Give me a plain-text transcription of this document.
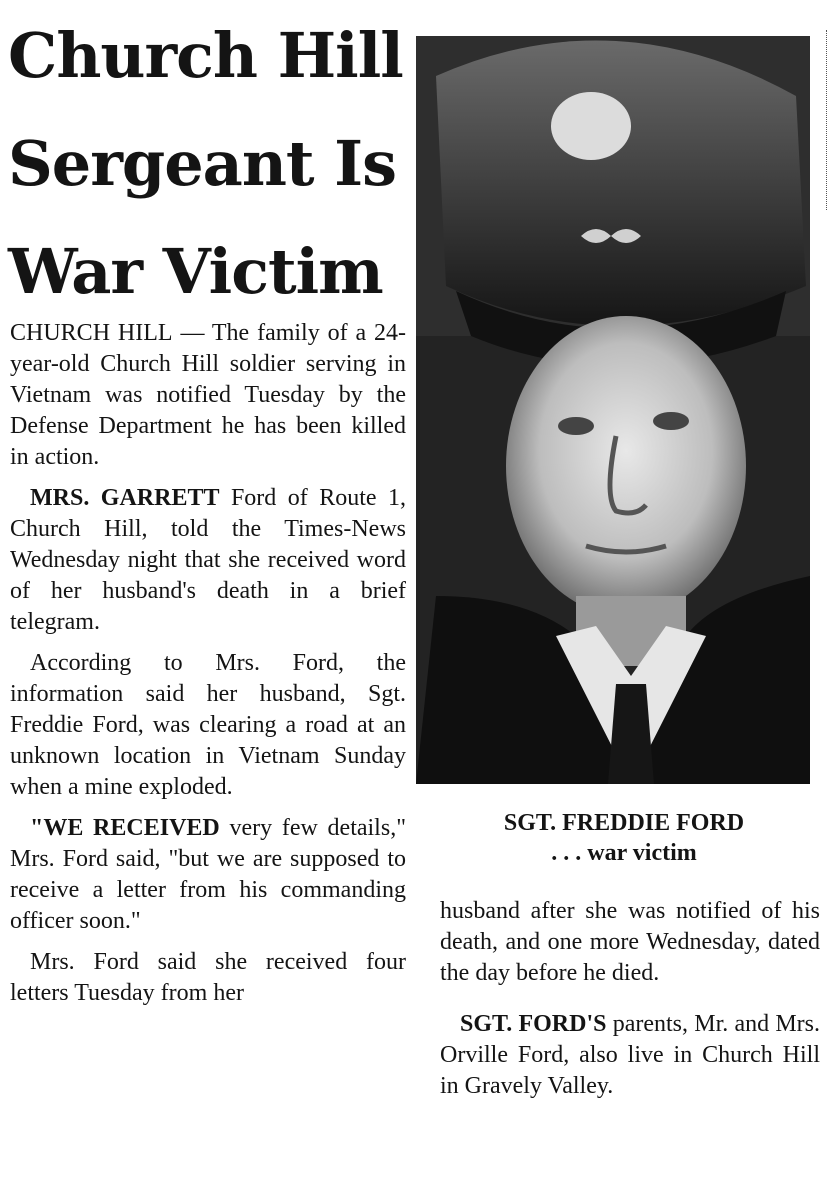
Church Hill
Sergeant Is
War Victim

CHURCH HILL — The family of a 24-year-old Church Hill soldier serving in Vietnam was notified Tuesday by the Defense Department he has been killed in action.

MRS. GARRETT Ford of Route 1, Church Hill, told the Times-News Wednesday night that she received word of her husband's death in a brief telegram.

According to Mrs. Ford, the information said her husband, Sgt. Freddie Ford, was clearing a road at an unknown location in Vietnam Sunday when a mine exploded.

"WE RECEIVED very few details," Mrs. Ford said, "but we are supposed to receive a letter from his commanding officer soon."

Mrs. Ford said she received four letters Tuesday from her

SGT. FREDDIE FORD
. . . war victim

husband after she was notified of his death, and one more Wednesday, dated the day before he died.

SGT. FORD'S parents, Mr. and Mrs. Orville Ford, also live in Church Hill in Gravely Valley.
